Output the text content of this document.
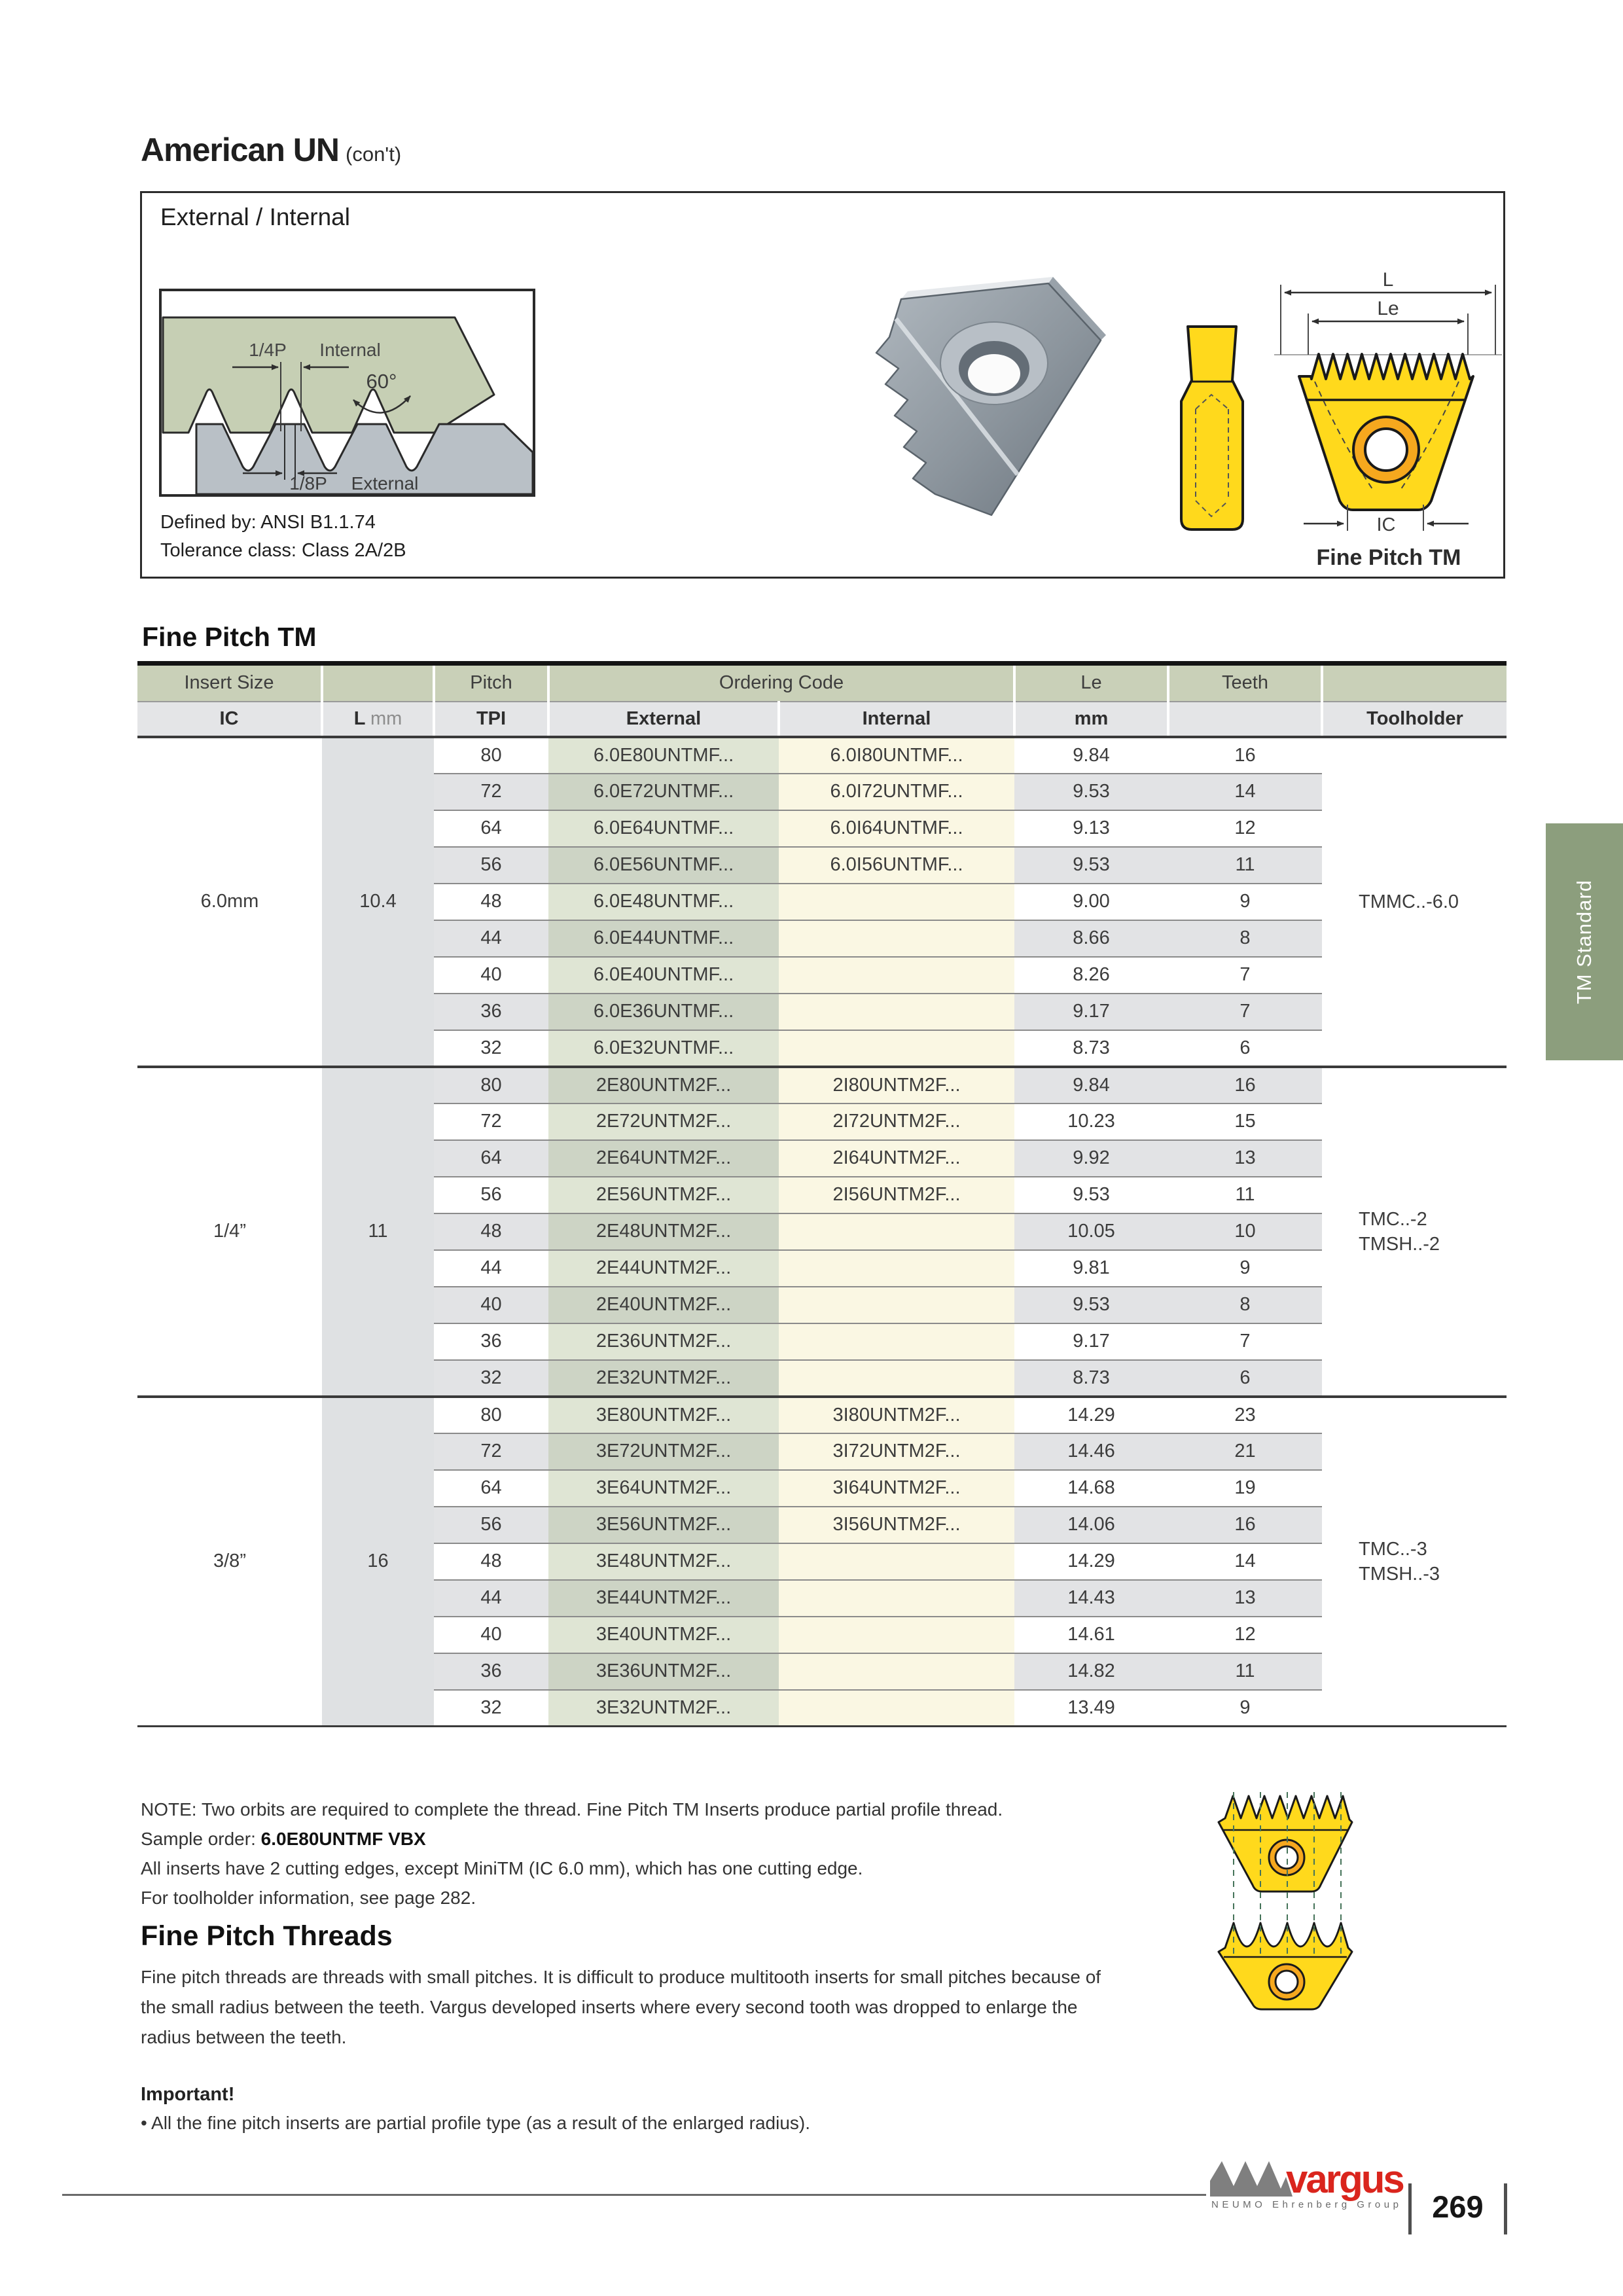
American UN (con't)
External / Internal
1/4P Internal
60°
1/8P External
Defined by: ANSI B1.1.74
Tolerance class: Class 2A/2B
L
Le
IC
Fine Pitch TM
Fine Pitch TM
Insert Size		Pitch	Ordering Code		Le	Teeth	
IC	L mm	TPI	External	Internal	mm		Toolholder
6.0mm	10.4	80	6.0E80UNTMF...	6.0I80UNTMF...	9.84	16	TMMC..-6.0

		72	6.0E72UNTMF...	6.0I72UNTMF...	9.53	14	
		64	6.0E64UNTMF...	6.0I64UNTMF...	9.13	12	
		56	6.0E56UNTMF...	6.0I56UNTMF...	9.53	11	
		48	6.0E48UNTMF...		9.00	9	
		44	6.0E44UNTMF...		8.66	8	
		40	6.0E40UNTMF...		8.26	7	
		36	6.0E36UNTMF...		9.17	7	
		32	6.0E32UNTMF...		8.73	6	
1/4”	11	80	2E80UNTM2F...	2I80UNTM2F...	9.84	16	TMC..-2
TMSH..-2

		72	2E72UNTM2F...	2I72UNTM2F...	10.23	15	
		64	2E64UNTM2F...	2I64UNTM2F...	9.92	13	
		56	2E56UNTM2F...	2I56UNTM2F...	9.53	11	
		48	2E48UNTM2F...		10.05	10	
		44	2E44UNTM2F...		9.81	9	
		40	2E40UNTM2F...		9.53	8	
		36	2E36UNTM2F...		9.17	7	
		32	2E32UNTM2F...		8.73	6	
3/8”	16	80	3E80UNTM2F...	3I80UNTM2F...	14.29	23	TMC..-3
TMSH..-3

		72	3E72UNTM2F...	3I72UNTM2F...	14.46	21	
		64	3E64UNTM2F...	3I64UNTM2F...	14.68	19	
		56	3E56UNTM2F...	3I56UNTM2F...	14.06	16	
		48	3E48UNTM2F...		14.29	14	
		44	3E44UNTM2F...		14.43	13	
		40	3E40UNTM2F...		14.61	12	
		36	3E36UNTM2F...		14.82	11	
		32	3E32UNTM2F...		13.49	9	
NOTE: Two orbits are required to complete the thread. Fine Pitch TM Inserts produce partial profile thread.
Sample order: 6.0E80UNTMF VBX
All inserts have 2 cutting edges, except MiniTM (IC 6.0 mm), which has one cutting edge.
For toolholder information, see page 282.
Fine Pitch Threads
Fine pitch threads are threads with small pitches. It is difficult to produce multitooth inserts for small pitches because of the small radius between the teeth. Vargus developed inserts where every second tooth was dropped to enlarge the radius between the teeth.
Important!
• All the fine pitch inserts are partial profile type (as a result of the enlarged radius).
TM Standard
vargus
NEUMO Ehrenberg Group 269
